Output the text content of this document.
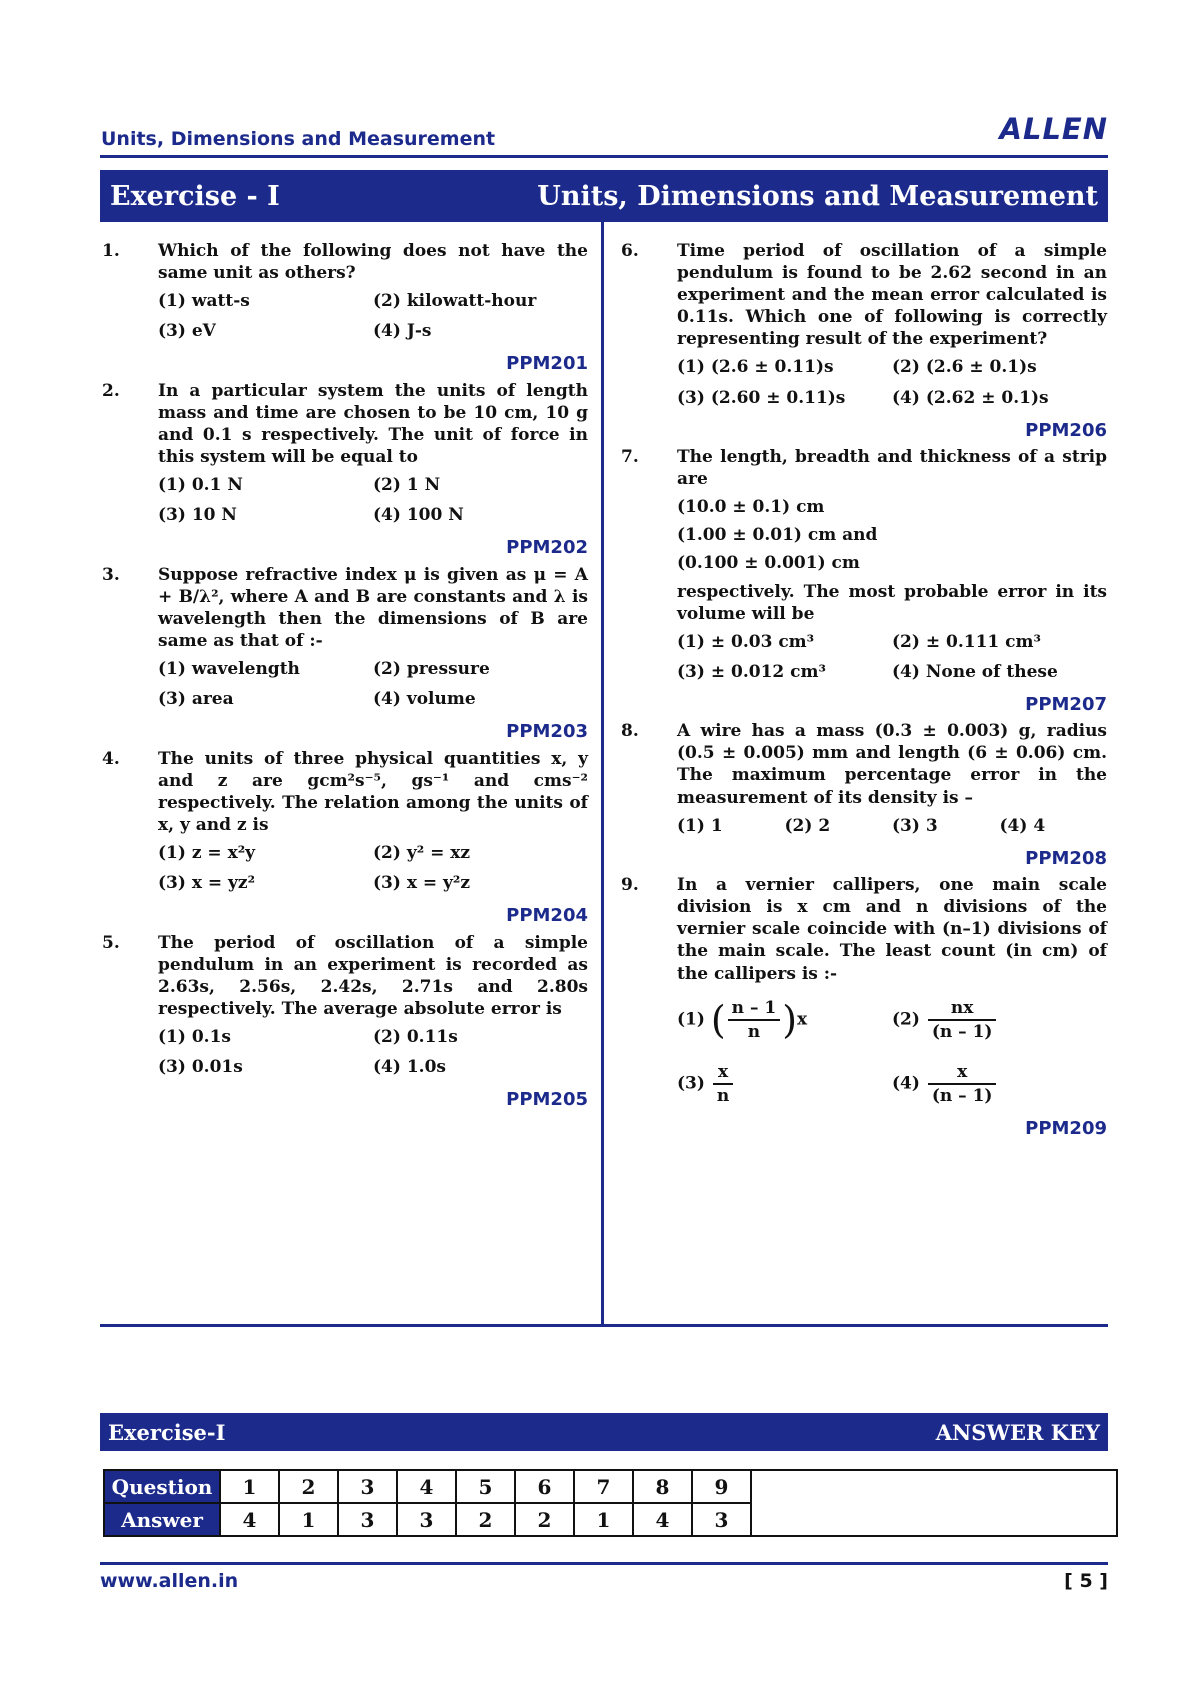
Units, Dimensions and Measurement	ALLEN
Exercise - I	Units, Dimensions and Measurement
1. Which of the following does not have the same unit as others?
(1) watt-s	(2) kilowatt-hour
(3) eV	(4) J-s
PPM201
2. In a particular system the units of length mass and time are chosen to be 10 cm, 10 g and 0.1 s respectively. The unit of force in this system will be equal to
(1) 0.1 N	(2) 1 N
(3) 10 N	(4) 100 N
PPM202
3. Suppose refractive index μ is given as μ = A + B/λ², where A and B are constants and λ is wavelength then the dimensions of B are same as that of :-
(1) wavelength	(2) pressure
(3) area	(4) volume
PPM203
4. The units of three physical quantities x, y and z are gcm²s⁻⁵, gs⁻¹ and cms⁻² respectively. The relation among the units of x, y and z is
(1) z = x²y	(2) y² = xz
(3) x = yz²	(3) x = y²z
PPM204
5. The period of oscillation of a simple pendulum in an experiment is recorded as 2.63s, 2.56s, 2.42s, 2.71s and 2.80s respectively. The average absolute error is
(1) 0.1s	(2) 0.11s
(3) 0.01s	(4) 1.0s
PPM205
6. Time period of oscillation of a simple pendulum is found to be 2.62 second in an experiment and the mean error calculated is 0.11s. Which one of following is correctly representing result of the experiment?
(1) (2.6 ± 0.11)s	(2) (2.6 ± 0.1)s
(3) (2.60 ± 0.11)s	(4) (2.62 ± 0.1)s
PPM206
7. The length, breadth and thickness of a strip are
(10.0 ± 0.1) cm
(1.00 ± 0.01) cm and
(0.100 ± 0.001) cm
respectively. The most probable error in its volume will be
(1) ± 0.03 cm³	(2) ± 0.111 cm³
(3) ± 0.012 cm³	(4) None of these
PPM207
8. A wire has a mass (0.3 ± 0.003) g, radius (0.5 ± 0.005) mm and length (6 ± 0.06) cm. The maximum percentage error in the measurement of its density is –
(1) 1	(2) 2	(3) 3	(4) 4
PPM208
9. In a vernier callipers, one main scale division is x cm and n divisions of the vernier scale coincide with (n–1) divisions of the main scale. The least count (in cm) of the callipers is :-
(1) ( $\frac{n - 1}{n} )x$	$(2) \frac{nx}{(n - 1)}$
$(3) \frac{x}{n}$	$(4) \frac{x}{(n - 1)}$
PPM209
Exercise-I	ANSWER KEY
Question	1	2	3	4	5	6	7	8	9	
Answer	4	1	3	3	2	2	1	4	3	
www.allen.in	[ 5 ]
